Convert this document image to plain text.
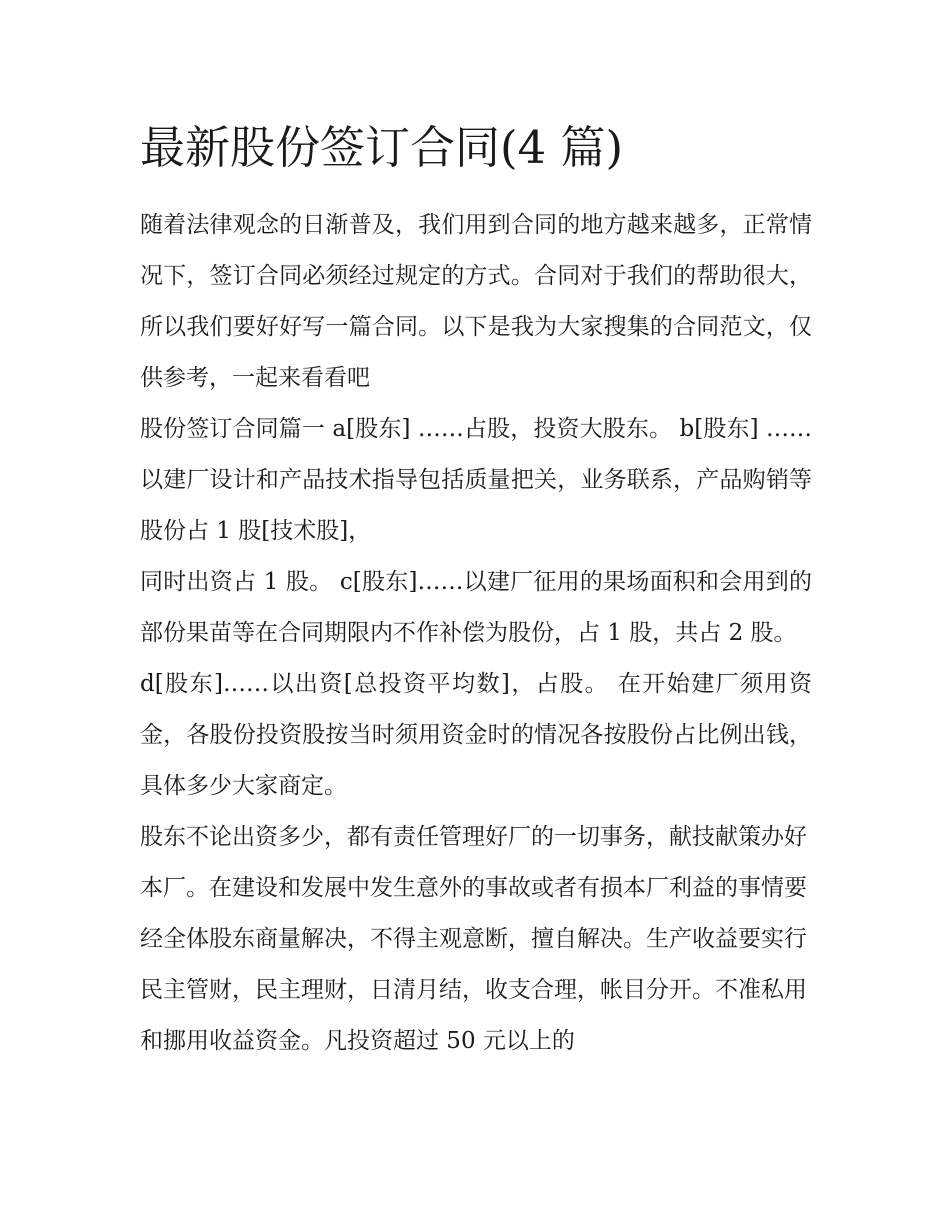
最新股份签订合同(4 篇)

随着法律观念的日渐普及，我们用到合同的地方越来越多，正常情况下，签订合同必须经过规定的方式。合同对于我们的帮助很大，所以我们要好好写一篇合同。以下是我为大家搜集的合同范文，仅供参考，一起来看看吧

股份签订合同篇一 a[股东] ……占股，投资大股东。 b[股东] ……以建厂设计和产品技术指导包括质量把关，业务联系，产品购销等股份占 1 股[技术股]，

同时出资占 1 股。 c[股东]……以建厂征用的果场面积和会用到的部份果苗等在合同期限内不作补偿为股份，占 1 股，共占 2 股。

d[股东]……以出资[总投资平均数]，占股。 在开始建厂须用资金，各股份投资股按当时须用资金时的情况各按股份占比例出钱，具体多少大家商定。

股东不论出资多少，都有责任管理好厂的一切事务，献技献策办好本厂。在建设和发展中发生意外的事故或者有损本厂利益的事情要经全体股东商量解决，不得主观意断，擅自解决。生产收益要实行民主管财，民主理财，日清月结，收支合理，帐目分开。不准私用和挪用收益资金。凡投资超过 50 元以上的
